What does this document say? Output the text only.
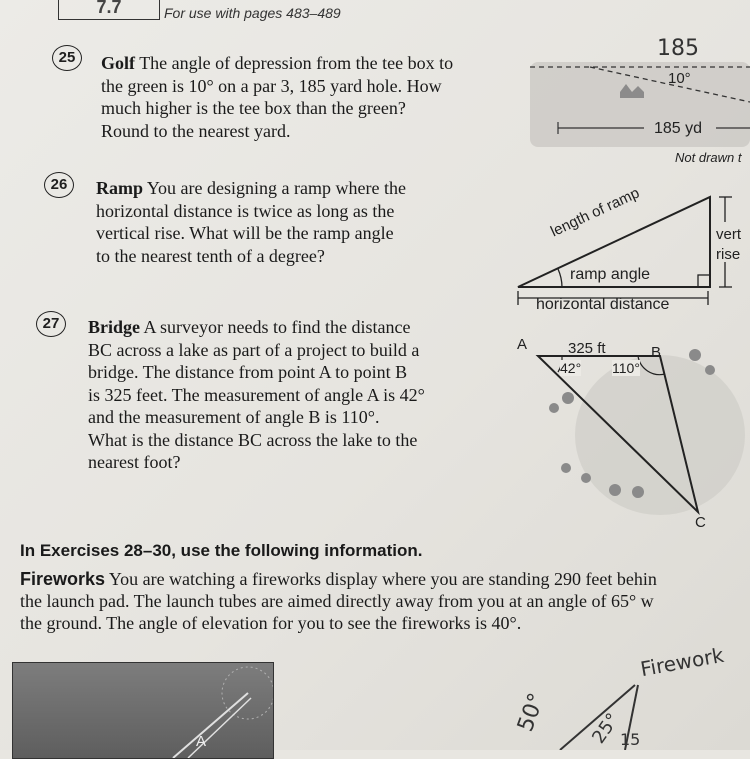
7.7	For use with pages 483–489
25	Golf The angle of depression from the tee box to
the green is 10° on a par 3, 185 yard hole. How
much higher is the tee box than the green?
Round to the nearest yard.
185
10°
185 yd
Not drawn t
26	Ramp You are designing a ramp where the
horizontal distance is twice as long as the
vertical rise. What will be the ramp angle
to the nearest tenth of a degree?
length of ramp
ramp angle
horizontal distance
vert
rise
27	Bridge A surveyor needs to find the distance
BC across a lake as part of a project to build a
bridge. The distance from point A to point B
is 325 feet. The measurement of angle A is 42°
and the measurement of angle B is 110°.
What is the distance BC across the lake to the
nearest foot?
A	B
C
325 ft
42° 110°
In Exercises 28–30, use the following information.
Fireworks You are watching a fireworks display where you are standing 290 feet behin
the launch pad. The launch tubes are aimed directly away from you at an angle of 65° w
the ground. The angle of elevation for you to see the fireworks is 40°.
A
Firework
50° 25°
15
